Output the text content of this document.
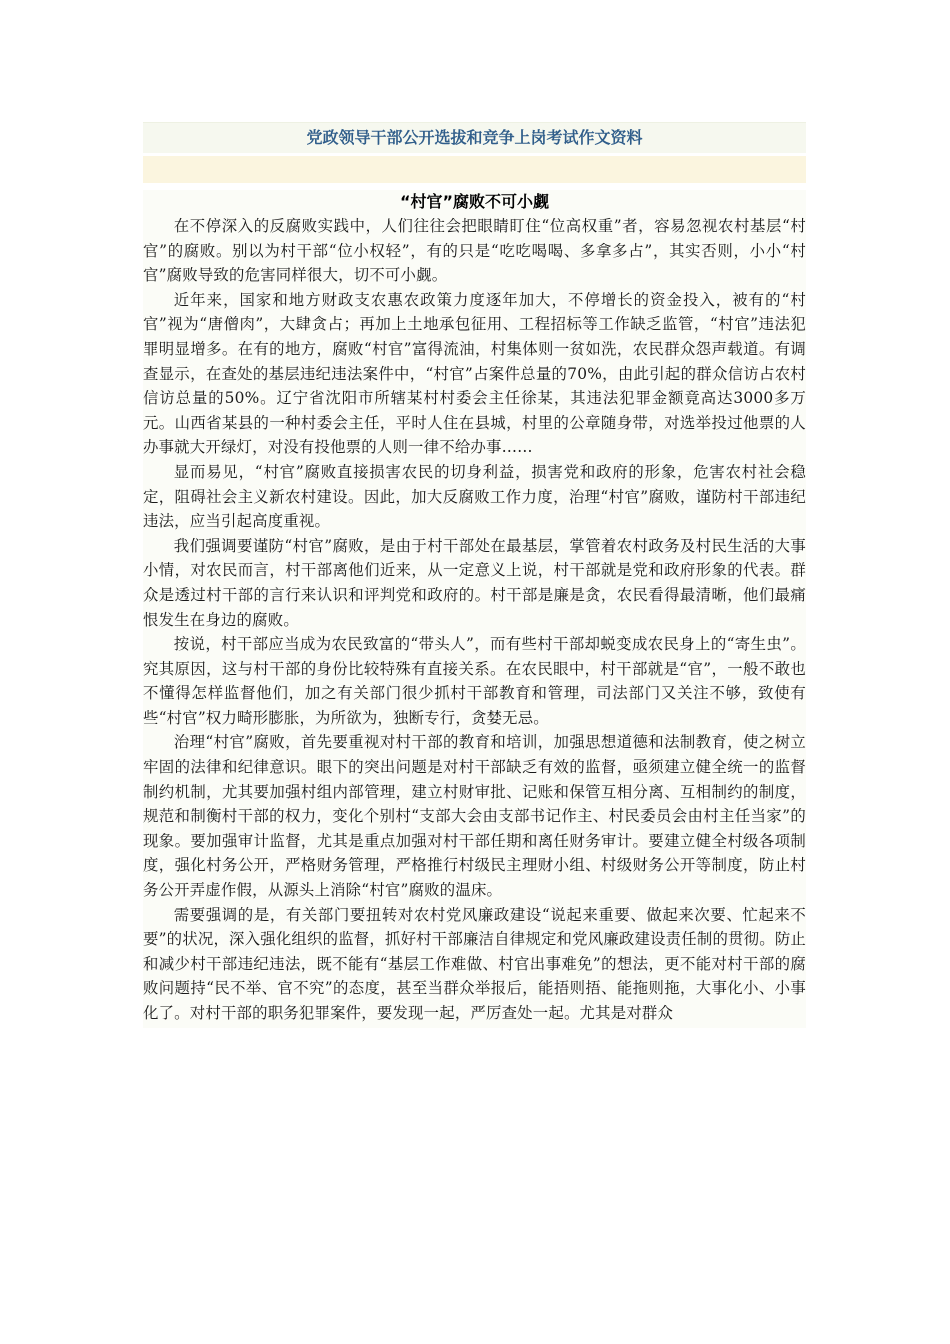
党政领导干部公开选拔和竞争上岗考试作文资料
“村官”腐败不可小觑

在不停深入的反腐败实践中，人们往往会把眼睛盯住“位高权重”者，容易忽视农村基层“村官”的腐败。别以为村干部“位小权轻”，有的只是“吃吃喝喝、多拿多占”，其实否则，小小“村官”腐败导致的危害同样很大，切不可小觑。

近年来，国家和地方财政支农惠农政策力度逐年加大，不停增长的资金投入，被有的“村官”视为“唐僧肉”，大肆贪占；再加上土地承包征用、工程招标等工作缺乏监管，“村官”违法犯罪明显增多。在有的地方，腐败“村官”富得流油，村集体则一贫如洗，农民群众怨声载道。有调查显示，在查处的基层违纪违法案件中，“村官”占案件总量的70%，由此引起的群众信访占农村信访总量的50%。辽宁省沈阳市所辖某村村委会主任徐某，其违法犯罪金额竟高达3000多万元。山西省某县的一种村委会主任，平时人住在县城，村里的公章随身带，对选举投过他票的人办事就大开绿灯，对没有投他票的人则一律不给办事……

显而易见，“村官”腐败直接损害农民的切身利益，损害党和政府的形象，危害农村社会稳定，阻碍社会主义新农村建设。因此，加大反腐败工作力度，治理“村官”腐败，谨防村干部违纪违法，应当引起高度重视。

我们强调要谨防“村官”腐败，是由于村干部处在最基层，掌管着农村政务及村民生活的大事小情，对农民而言，村干部离他们近来，从一定意义上说，村干部就是党和政府形象的代表。群众是透过村干部的言行来认识和评判党和政府的。村干部是廉是贪，农民看得最清晰，他们最痛恨发生在身边的腐败。

按说，村干部应当成为农民致富的“带头人”，而有些村干部却蜕变成农民身上的“寄生虫”。究其原因，这与村干部的身份比较特殊有直接关系。在农民眼中，村干部就是“官”，一般不敢也不懂得怎样监督他们，加之有关部门很少抓村干部教育和管理，司法部门又关注不够，致使有些“村官”权力畸形膨胀，为所欲为，独断专行，贪婪无忌。

治理“村官”腐败，首先要重视对村干部的教育和培训，加强思想道德和法制教育，使之树立牢固的法律和纪律意识。眼下的突出问题是对村干部缺乏有效的监督，亟须建立健全统一的监督制约机制，尤其要加强村组内部管理，建立村财审批、记账和保管互相分离、互相制约的制度，规范和制衡村干部的权力，变化个别村“支部大会由支部书记作主、村民委员会由村主任当家”的现象。要加强审计监督，尤其是重点加强对村干部任期和离任财务审计。要建立健全村级各项制度，强化村务公开，严格财务管理，严格推行村级民主理财小组、村级财务公开等制度，防止村务公开弄虚作假，从源头上消除“村官”腐败的温床。

需要强调的是，有关部门要扭转对农村党风廉政建设“说起来重要、做起来次要、忙起来不要”的状况，深入强化组织的监督，抓好村干部廉洁自律规定和党风廉政建设责任制的贯彻。防止和减少村干部违纪违法，既不能有“基层工作难做、村官出事难免”的想法，更不能对村干部的腐败问题持“民不举、官不究”的态度，甚至当群众举报后，能捂则捂、能拖则拖，大事化小、小事化了。对村干部的职务犯罪案件，要发现一起，严厉查处一起。尤其是对群众
